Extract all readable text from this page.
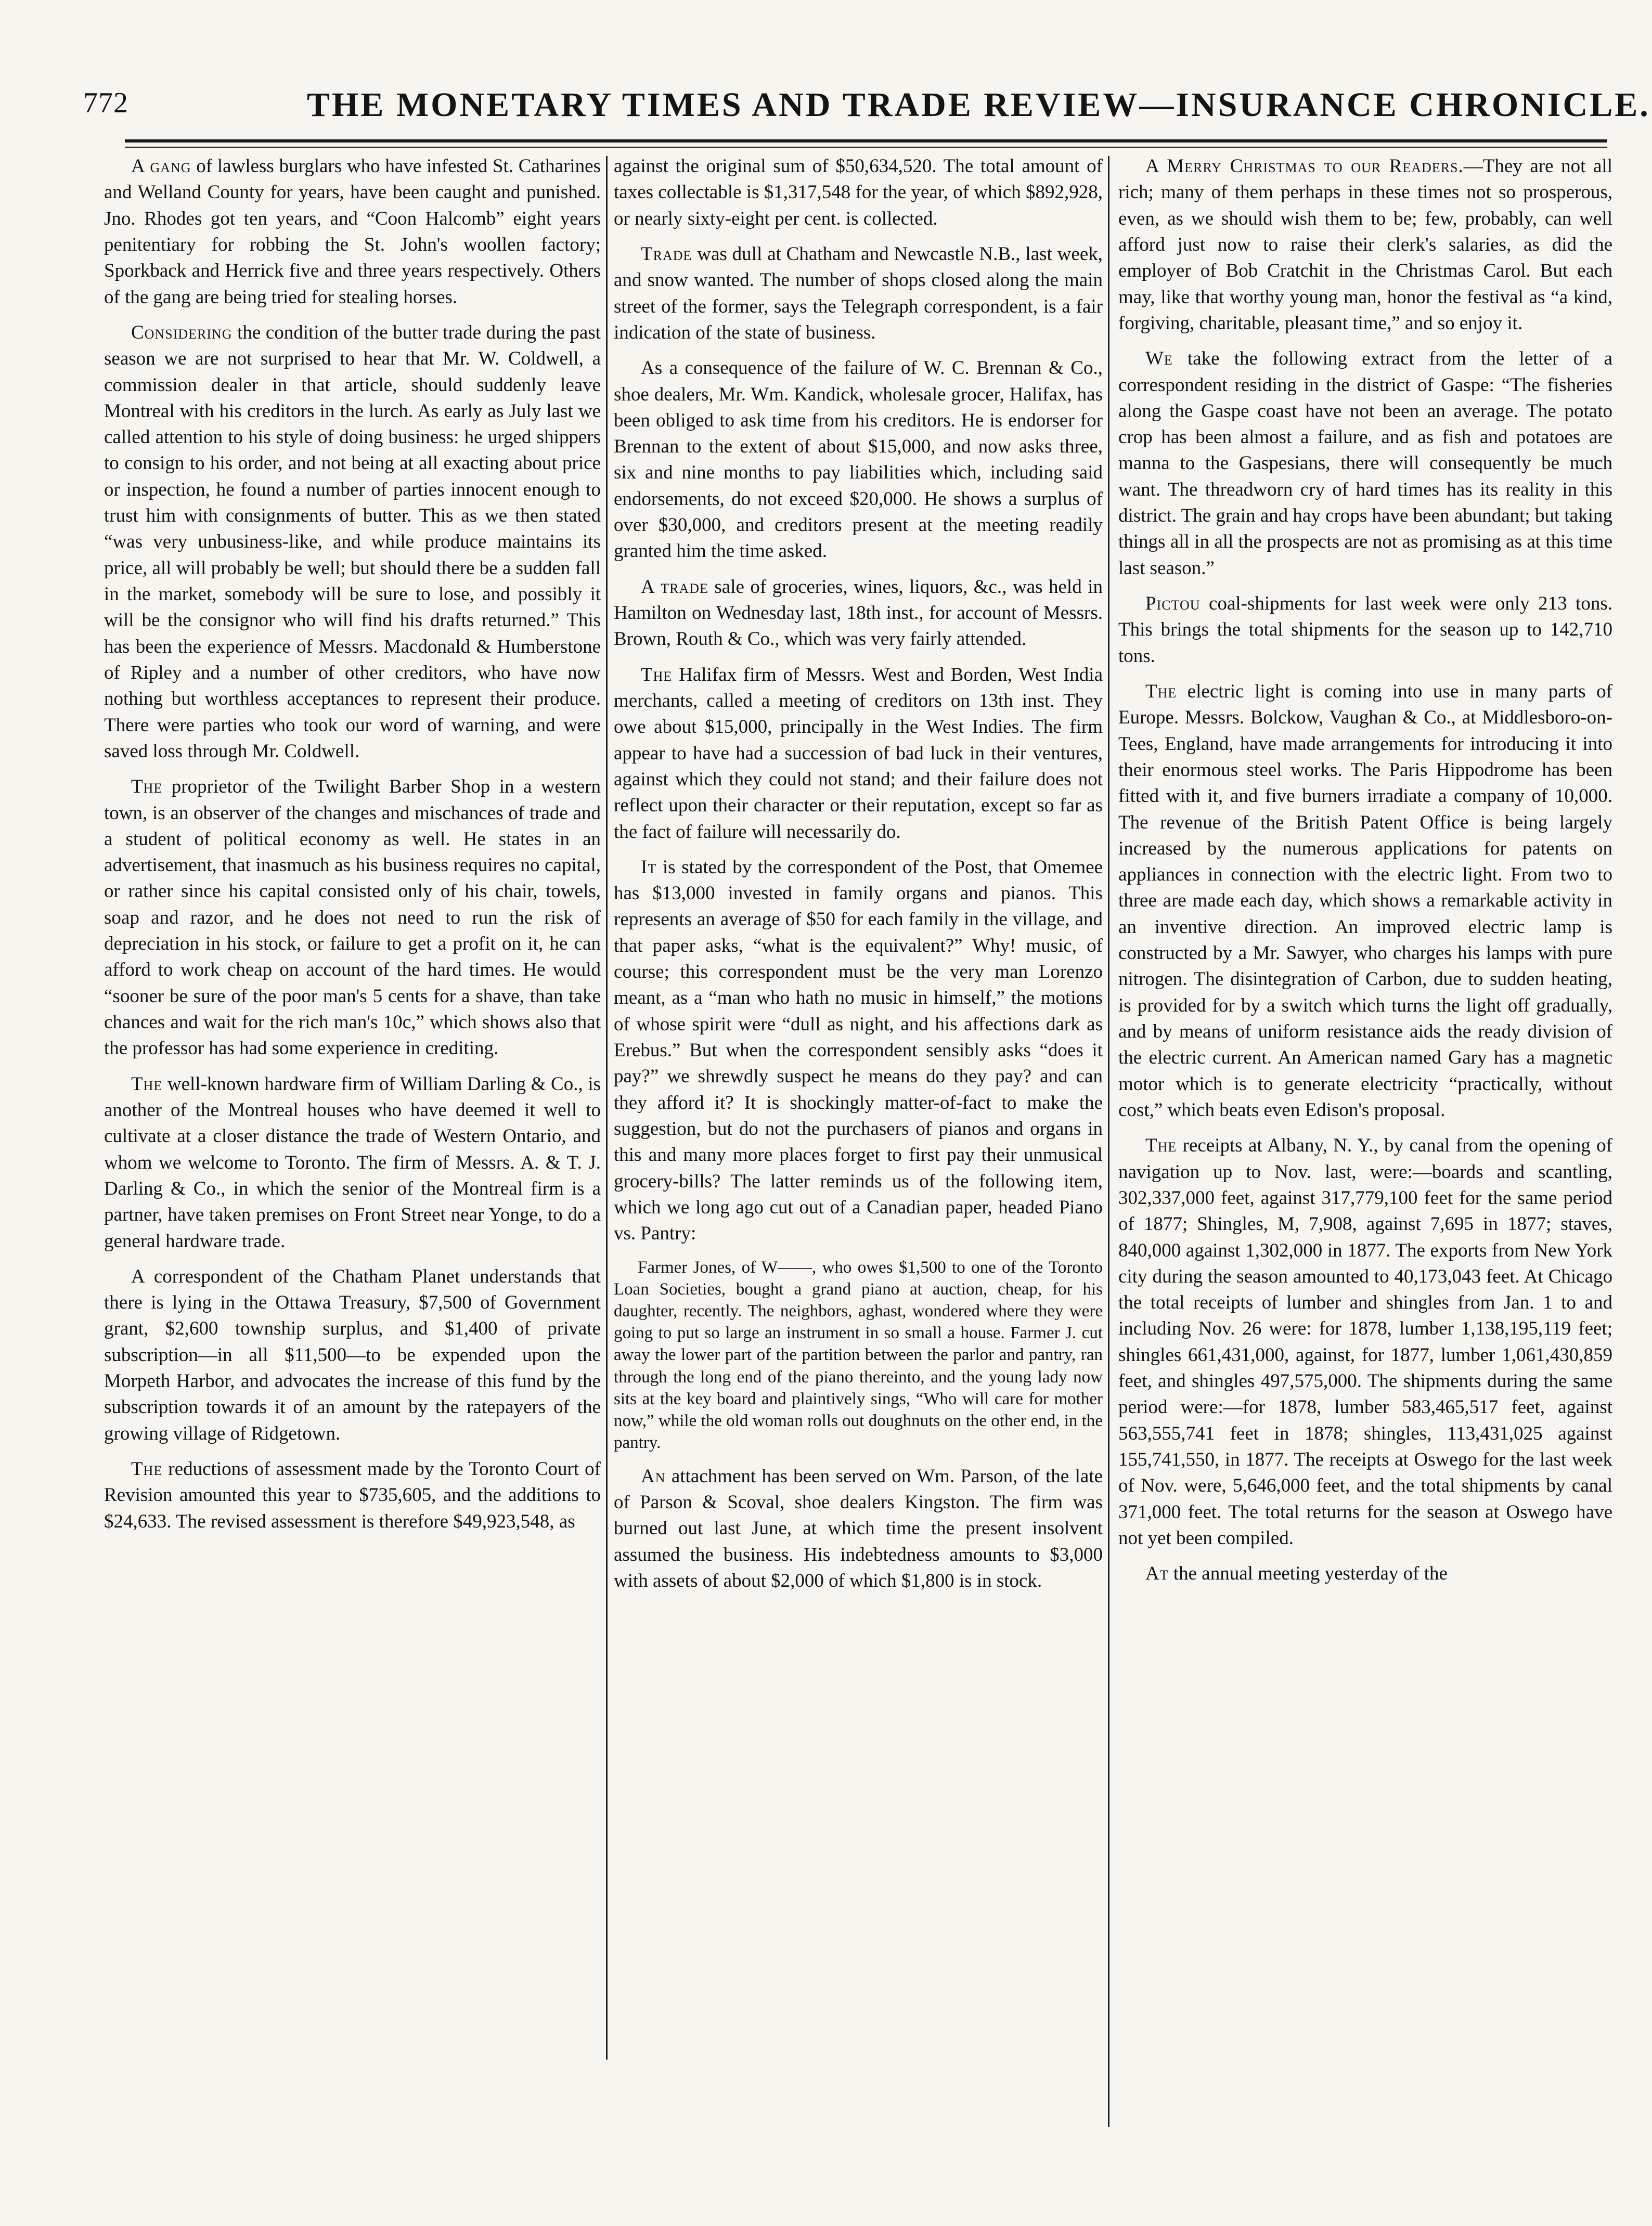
772	THE MONETARY TIMES AND TRADE REVIEW—INSURANCE CHRONICLE.

A gang of lawless burglars who have infested St. Catharines and Welland County for years, have been caught and punished. Jno. Rhodes got ten years, and “Coon Halcomb” eight years penitentiary for robbing the St. John's woollen factory; Sporkback and Herrick five and three years respectively. Others of the gang are being tried for stealing horses.

Considering the condition of the butter trade during the past season we are not surprised to hear that Mr. W. Coldwell, a commission dealer in that article, should suddenly leave Montreal with his creditors in the lurch. As early as July last we called attention to his style of doing business: he urged shippers to consign to his order, and not being at all exacting about price or inspection, he found a number of parties innocent enough to trust him with consignments of butter. This as we then stated “was very unbusiness-like, and while produce maintains its price, all will probably be well; but should there be a sudden fall in the market, somebody will be sure to lose, and possibly it will be the consignor who will find his drafts returned.” This has been the experience of Messrs. Macdonald & Humberstone of Ripley and a number of other creditors, who have now nothing but worthless acceptances to represent their produce. There were parties who took our word of warning, and were saved loss through Mr. Coldwell.

The proprietor of the Twilight Barber Shop in a western town, is an observer of the changes and mischances of trade and a student of political economy as well. He states in an advertisement, that inasmuch as his business requires no capital, or rather since his capital consisted only of his chair, towels, soap and razor, and he does not need to run the risk of depreciation in his stock, or failure to get a profit on it, he can afford to work cheap on account of the hard times. He would “sooner be sure of the poor man's 5 cents for a shave, than take chances and wait for the rich man's 10c,” which shows also that the professor has had some experience in crediting.

The well-known hardware firm of William Darling & Co., is another of the Montreal houses who have deemed it well to cultivate at a closer distance the trade of Western Ontario, and whom we welcome to Toronto. The firm of Messrs. A. & T. J. Darling & Co., in which the senior of the Montreal firm is a partner, have taken premises on Front Street near Yonge, to do a general hardware trade.

A correspondent of the Chatham Planet understands that there is lying in the Ottawa Treasury, $7,500 of Government grant, $2,600 township surplus, and $1,400 of private subscription—in all $11,500—to be expended upon the Morpeth Harbor, and advocates the increase of this fund by the subscription towards it of an amount by the ratepayers of the growing village of Ridgetown.

The reductions of assessment made by the Toronto Court of Revision amounted this year to $735,605, and the additions to $24,633. The revised assessment is therefore $49,923,548, as

against the original sum of $50,634,520. The total amount of taxes collectable is $1,317,548 for the year, of which $892,928, or nearly sixty-eight per cent. is collected.

Trade was dull at Chatham and Newcastle N.B., last week, and snow wanted. The number of shops closed along the main street of the former, says the Telegraph correspondent, is a fair indication of the state of business.

As a consequence of the failure of W. C. Brennan & Co., shoe dealers, Mr. Wm. Kandick, wholesale grocer, Halifax, has been obliged to ask time from his creditors. He is endorser for Brennan to the extent of about $15,000, and now asks three, six and nine months to pay liabilities which, including said endorsements, do not exceed $20,000. He shows a surplus of over $30,000, and creditors present at the meeting readily granted him the time asked.

A trade sale of groceries, wines, liquors, &c., was held in Hamilton on Wednesday last, 18th inst., for account of Messrs. Brown, Routh & Co., which was very fairly attended.

The Halifax firm of Messrs. West and Borden, West India merchants, called a meeting of creditors on 13th inst. They owe about $15,000, principally in the West Indies. The firm appear to have had a succession of bad luck in their ventures, against which they could not stand; and their failure does not reflect upon their character or their reputation, except so far as the fact of failure will necessarily do.

It is stated by the correspondent of the Post, that Omemee has $13,000 invested in family organs and pianos. This represents an average of $50 for each family in the village, and that paper asks, “what is the equivalent?” Why! music, of course; this correspondent must be the very man Lorenzo meant, as a “man who hath no music in himself,” the motions of whose spirit were “dull as night, and his affections dark as Erebus.” But when the correspondent sensibly asks “does it pay?” we shrewdly suspect he means do they pay? and can they afford it? It is shockingly matter-of-fact to make the suggestion, but do not the purchasers of pianos and organs in this and many more places forget to first pay their unmusical grocery-bills? The latter reminds us of the following item, which we long ago cut out of a Canadian paper, headed Piano vs. Pantry:

Farmer Jones, of W——, who owes $1,500 to one of the Toronto Loan Societies, bought a grand piano at auction, cheap, for his daughter, recently. The neighbors, aghast, wondered where they were going to put so large an instrument in so small a house. Farmer J. cut away the lower part of the partition between the parlor and pantry, ran through the long end of the piano thereinto, and the young lady now sits at the key board and plaintively sings, “Who will care for mother now,” while the old woman rolls out doughnuts on the other end, in the pantry.

An attachment has been served on Wm. Parson, of the late of Parson & Scoval, shoe dealers Kingston. The firm was burned out last June, at which time the present insolvent assumed the business. His indebtedness amounts to $3,000 with assets of about $2,000 of which $1,800 is in stock.

A Merry Christmas to our Readers.—They are not all rich; many of them perhaps in these times not so prosperous, even, as we should wish them to be; few, probably, can well afford just now to raise their clerk's salaries, as did the employer of Bob Cratchit in the Christmas Carol. But each may, like that worthy young man, honor the festival as “a kind, forgiving, charitable, pleasant time,” and so enjoy it.

We take the following extract from the letter of a correspondent residing in the district of Gaspe: “The fisheries along the Gaspe coast have not been an average. The potato crop has been almost a failure, and as fish and potatoes are manna to the Gaspesians, there will consequently be much want. The threadworn cry of hard times has its reality in this district. The grain and hay crops have been abundant; but taking things all in all the prospects are not as promising as at this time last season.”

Pictou coal-shipments for last week were only 213 tons. This brings the total shipments for the season up to 142,710 tons.

The electric light is coming into use in many parts of Europe. Messrs. Bolckow, Vaughan & Co., at Middlesboro-on-Tees, England, have made arrangements for introducing it into their enormous steel works. The Paris Hippodrome has been fitted with it, and five burners irradiate a company of 10,000. The revenue of the British Patent Office is being largely increased by the numerous applications for patents on appliances in connection with the electric light. From two to three are made each day, which shows a remarkable activity in an inventive direction. An improved electric lamp is constructed by a Mr. Sawyer, who charges his lamps with pure nitrogen. The disintegration of Carbon, due to sudden heating, is provided for by a switch which turns the light off gradually, and by means of uniform resistance aids the ready division of the electric current. An American named Gary has a magnetic motor which is to generate electricity “practically, without cost,” which beats even Edison's proposal.

The receipts at Albany, N. Y., by canal from the opening of navigation up to Nov. last, were:—boards and scantling, 302,337,000 feet, against 317,779,100 feet for the same period of 1877; Shingles, M, 7,908, against 7,695 in 1877; staves, 840,000 against 1,302,000 in 1877. The exports from New York city during the season amounted to 40,173,043 feet. At Chicago the total receipts of lumber and shingles from Jan. 1 to and including Nov. 26 were: for 1878, lumber 1,138,195,119 feet; shingles 661,431,000, against, for 1877, lumber 1,061,430,859 feet, and shingles 497,575,000. The shipments during the same period were:—for 1878, lumber 583,465,517 feet, against 563,555,741 feet in 1878; shingles, 113,431,025 against 155,741,550, in 1877. The receipts at Oswego for the last week of Nov. were, 5,646,000 feet, and the total shipments by canal 371,000 feet. The total returns for the season at Oswego have not yet been compiled.

At the annual meeting yesterday of the
